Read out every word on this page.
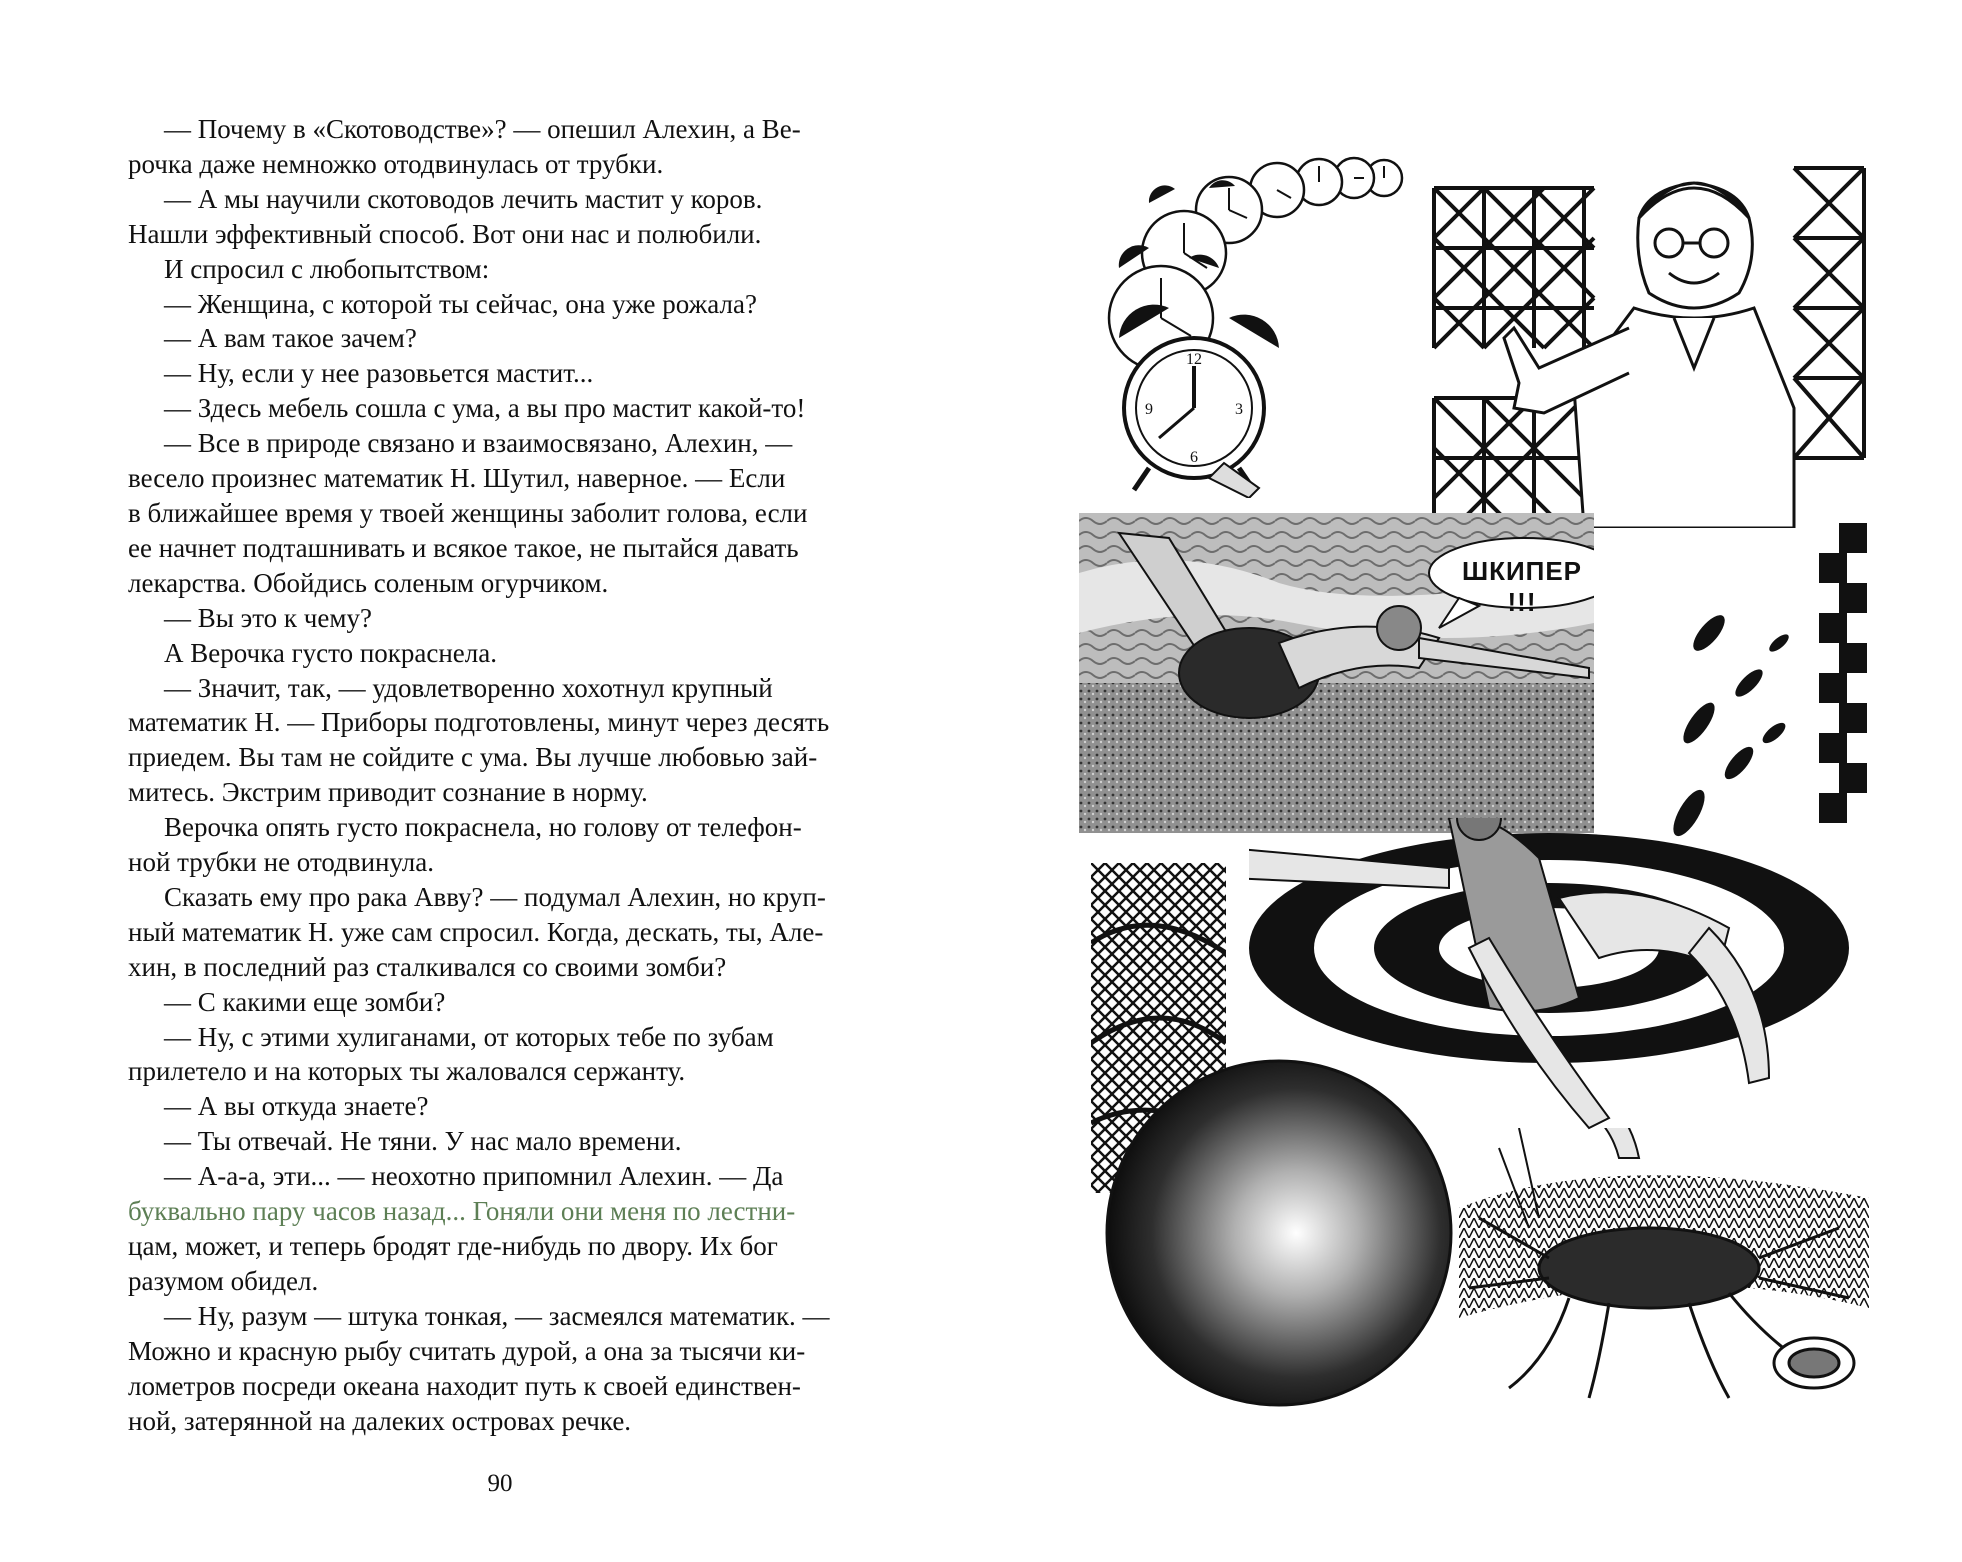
— Почему в «Скотоводстве»? — опешил Алехин, а Ве-
рочка даже немножко отодвинулась от трубки.

— А мы научили скотоводов лечить мастит у коров.
Нашли эффективный способ. Вот они нас и полюбили.

И спросил с любопытством:

— Женщина, с которой ты сейчас, она уже рожала?

— А вам такое зачем?

— Ну, если у нее разовьется мастит...

— Здесь мебель сошла с ума, а вы про мастит какой-то!

— Все в природе связано и взаимосвязано, Алехин, —
весело произнес математик Н. Шутил, наверное. — Если
в ближайшее время у твоей женщины заболит голова, если
ее начнет подташнивать и всякое такое, не пытайся давать
лекарства. Обойдись соленым огурчиком.

— Вы это к чему?

А Верочка густо покраснела.

— Значит, так, — удовлетворенно хохотнул крупный
математик Н. — Приборы подготовлены, минут через десять
приедем. Вы там не сойдите с ума. Вы лучше любовью зай-
митесь. Экстрим приводит сознание в норму.

Верочка опять густо покраснела, но голову от телефон-
ной трубки не отодвинула.

Сказать ему про рака Авву? — подумал Алехин, но круп-
ный математик Н. уже сам спросил. Когда, дескать, ты, Але-
хин, в последний раз сталкивался со своими зомби?

— С какими еще зомби?

— Ну, с этими хулиганами, от которых тебе по зубам
прилетело и на которых ты жаловался сержанту.

— А вы откуда знаете?

— Ты отвечай. Не тяни. У нас мало времени.

— А-а-а, эти... — неохотно припомнил Алехин. — Да
буквально пару часов назад... Гоняли они меня по лестни-
цам, может, и теперь бродят где-нибудь по двору. Их бог
разумом обидел.

— Ну, разум — штука тонкая, — засмеялся математик. —
Можно и красную рыбу считать дурой, а она за тысячи ки-
лометров посреди океана находит путь к своей единствен-
ной, затерянной на далеких островах речке.

90
12
3
6
9
ШКИПЕР !!!
